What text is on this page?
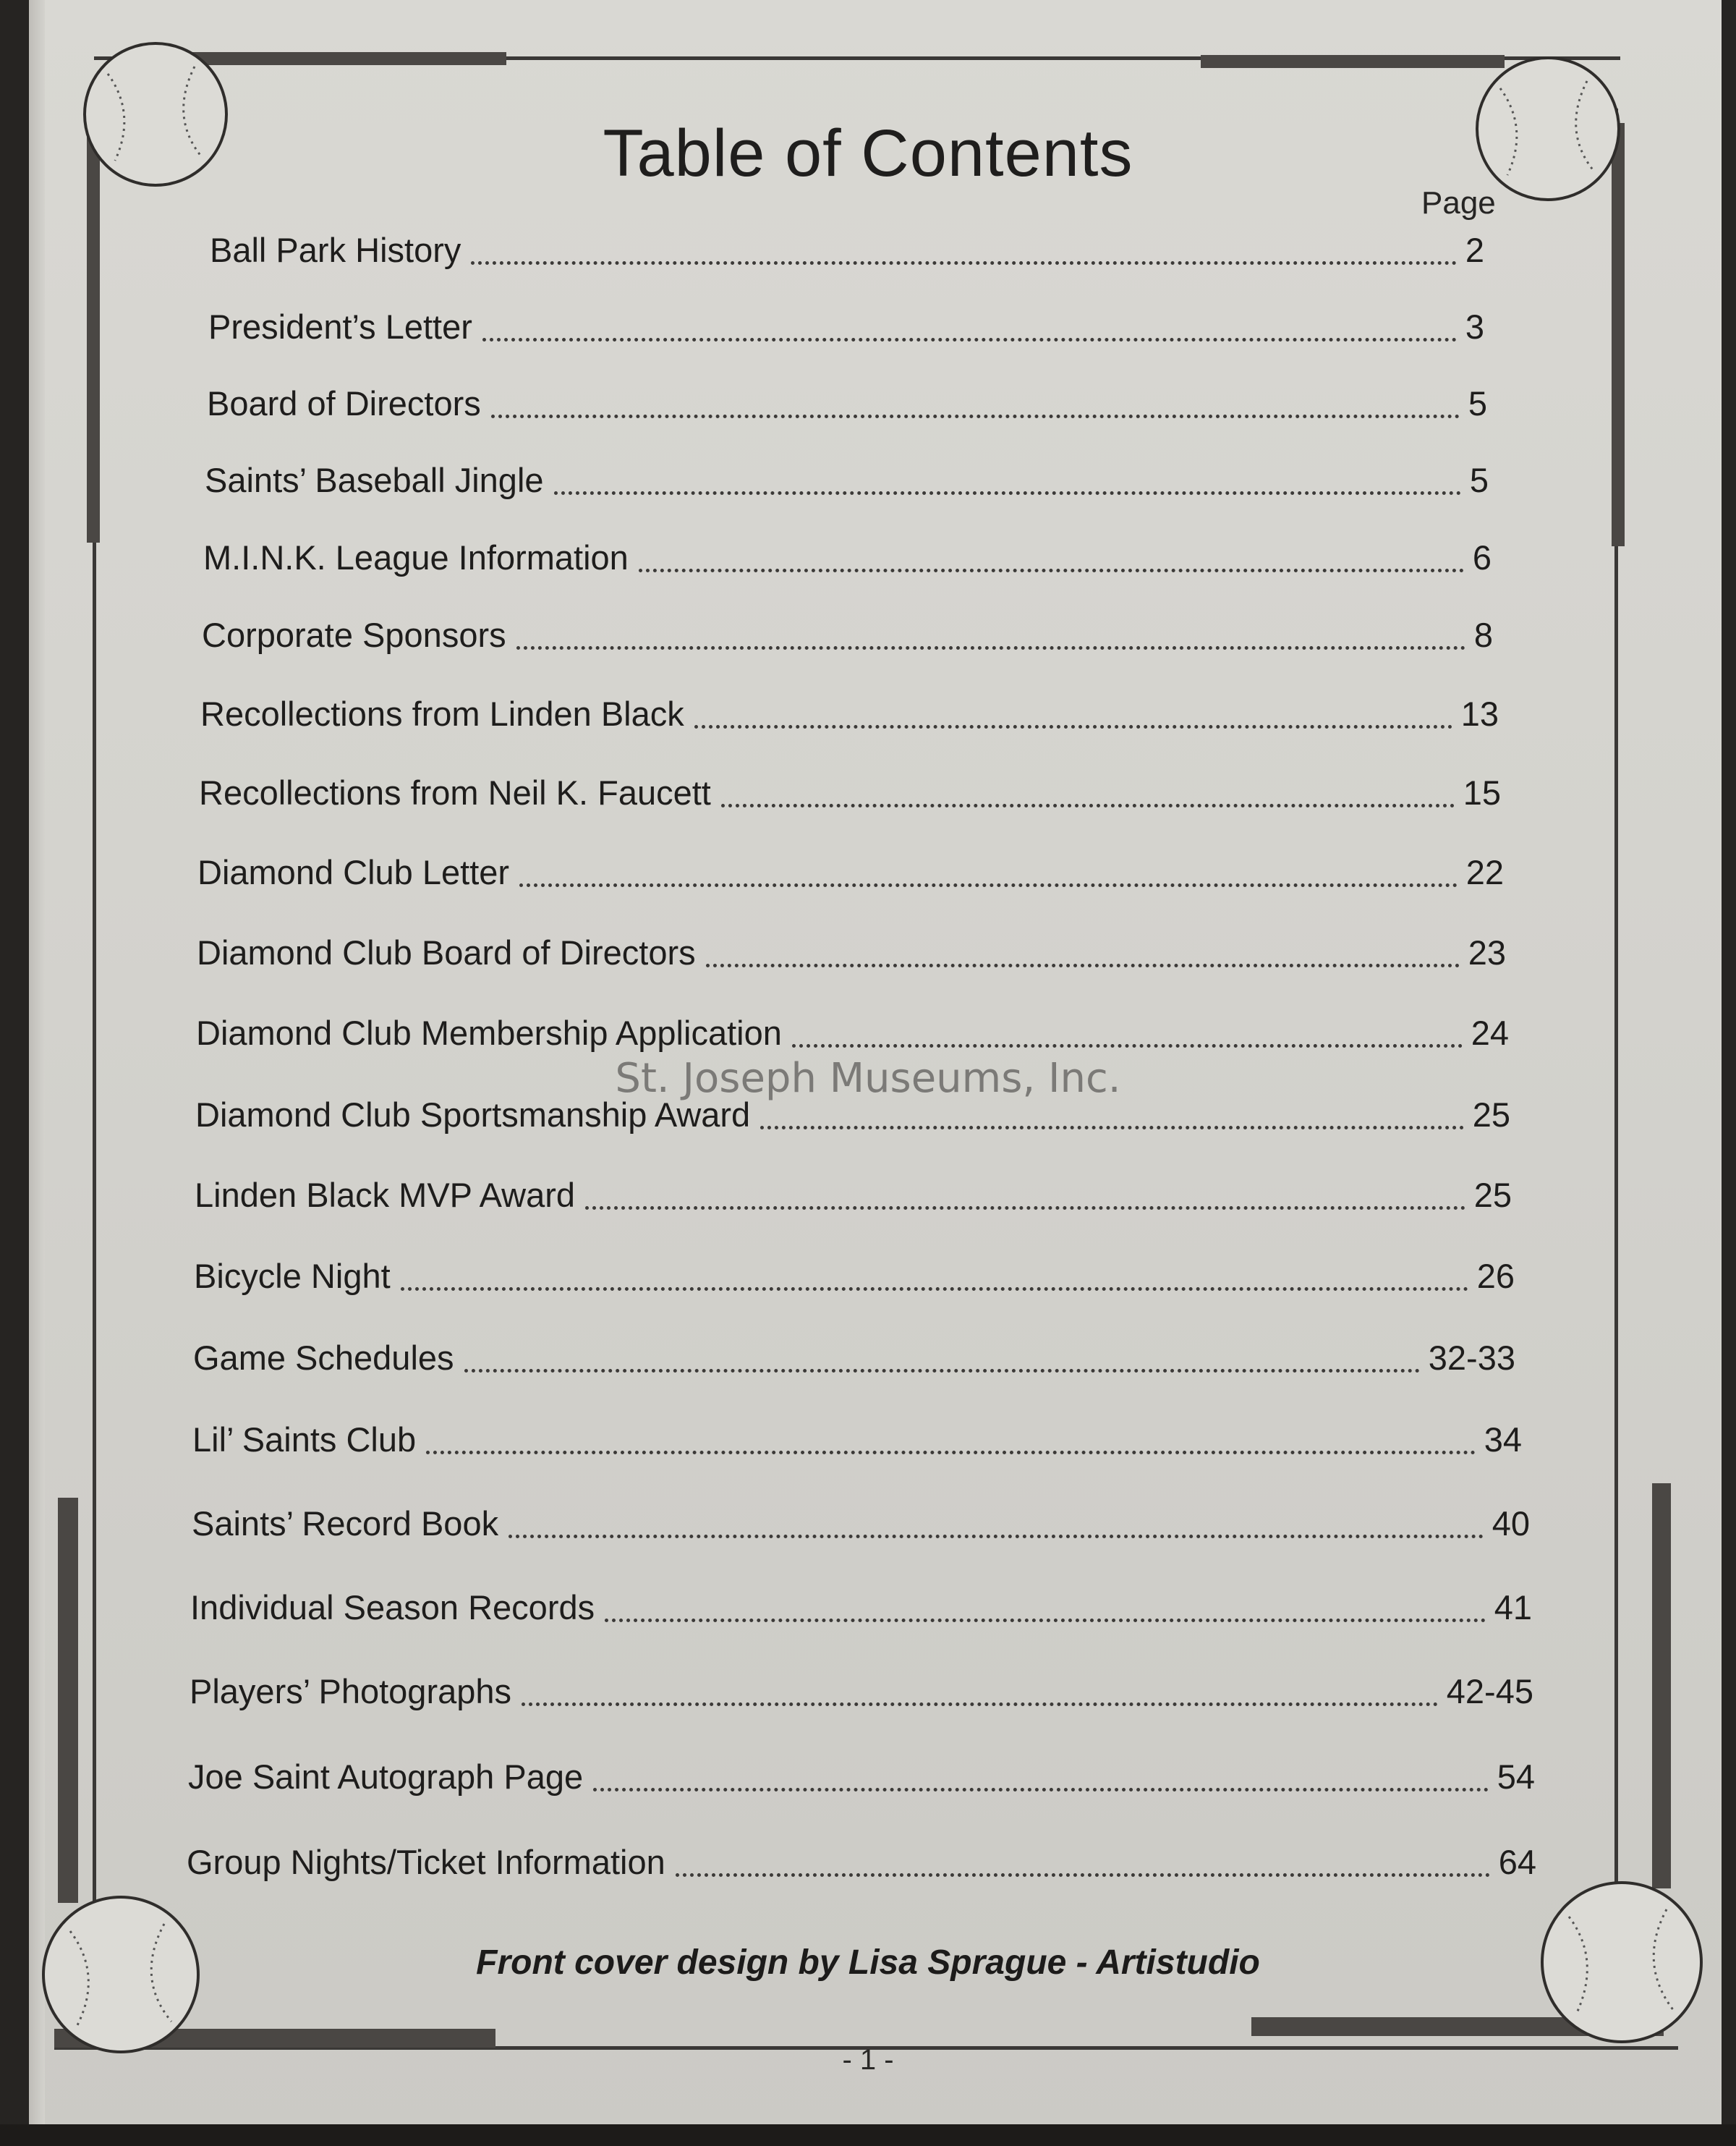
Table of Contents
Page
Ball Park History	2
President’s Letter	3
Board of Directors	5
Saints’ Baseball Jingle	5
M.I.N.K. League Information	6
Corporate Sponsors	8
Recollections from Linden Black	13
Recollections from Neil K. Faucett	15
Diamond Club Letter	22
Diamond Club Board of Directors	23
Diamond Club Membership Application	24
Diamond Club Sportsmanship Award	25
Linden Black MVP Award	25
Bicycle Night	26
Game Schedules	32-33
Lil’ Saints Club	34
Saints’ Record Book	40
Individual Season Records	41
Players’ Photographs	42-45
Joe Saint Autograph Page	54
Group Nights/Ticket Information	64
St. Joseph Museums, Inc.
Front cover design by Lisa Sprague - Artistudio
- 1 -
